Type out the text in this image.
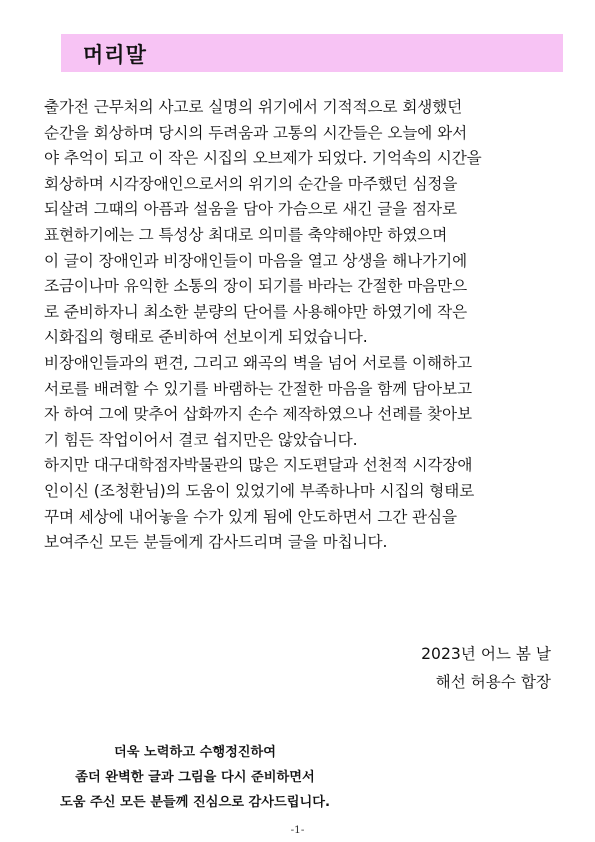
머리말
출가전 근무처의 사고로 실명의 위기에서 기적적으로 회생했던
순간을 회상하며 당시의 두려움과 고통의 시간들은 오늘에 와서
야 추억이 되고 이 작은 시집의 오브제가 되었다. 기억속의 시간을
회상하며 시각장애인으로서의 위기의 순간을 마주했던 심정을
되살려 그때의 아픔과 설움을 담아 가슴으로 새긴 글을 점자로
표현하기에는 그 특성상 최대로 의미를 축약해야만 하였으며
이 글이 장애인과 비장애인들이 마음을 열고 상생을 해나가기에
조금이나마 유익한 소통의 장이 되기를 바라는 간절한 마음만으
로 준비하자니 최소한 분량의 단어를 사용해야만 하였기에 작은
시화집의 형태로 준비하여 선보이게 되었습니다.
비장애인들과의 편견, 그리고 왜곡의 벽을 넘어 서로를 이해하고
서로를 배려할 수 있기를 바램하는 간절한 마음을 함께 담아보고
자 하여 그에 맞추어 삽화까지 손수 제작하였으나 선례를 찾아보
기 힘든 작업이어서 결코 쉽지만은 않았습니다.
하지만 대구대학점자박물관의 많은 지도편달과 선천적 시각장애
인이신 (조청환님)의 도움이 있었기에 부족하나마 시집의 형태로
꾸며 세상에 내어놓을 수가 있게 됨에 안도하면서 그간 관심을
보여주신 모든 분들에게 감사드리며 글을 마칩니다.
2023년 어느 봄 날
해선 허용수 합장
더욱 노력하고 수행정진하여
좀더 완벽한 글과 그림을 다시 준비하면서
도움 주신 모든 분들께 진심으로 감사드립니다.
-1-
